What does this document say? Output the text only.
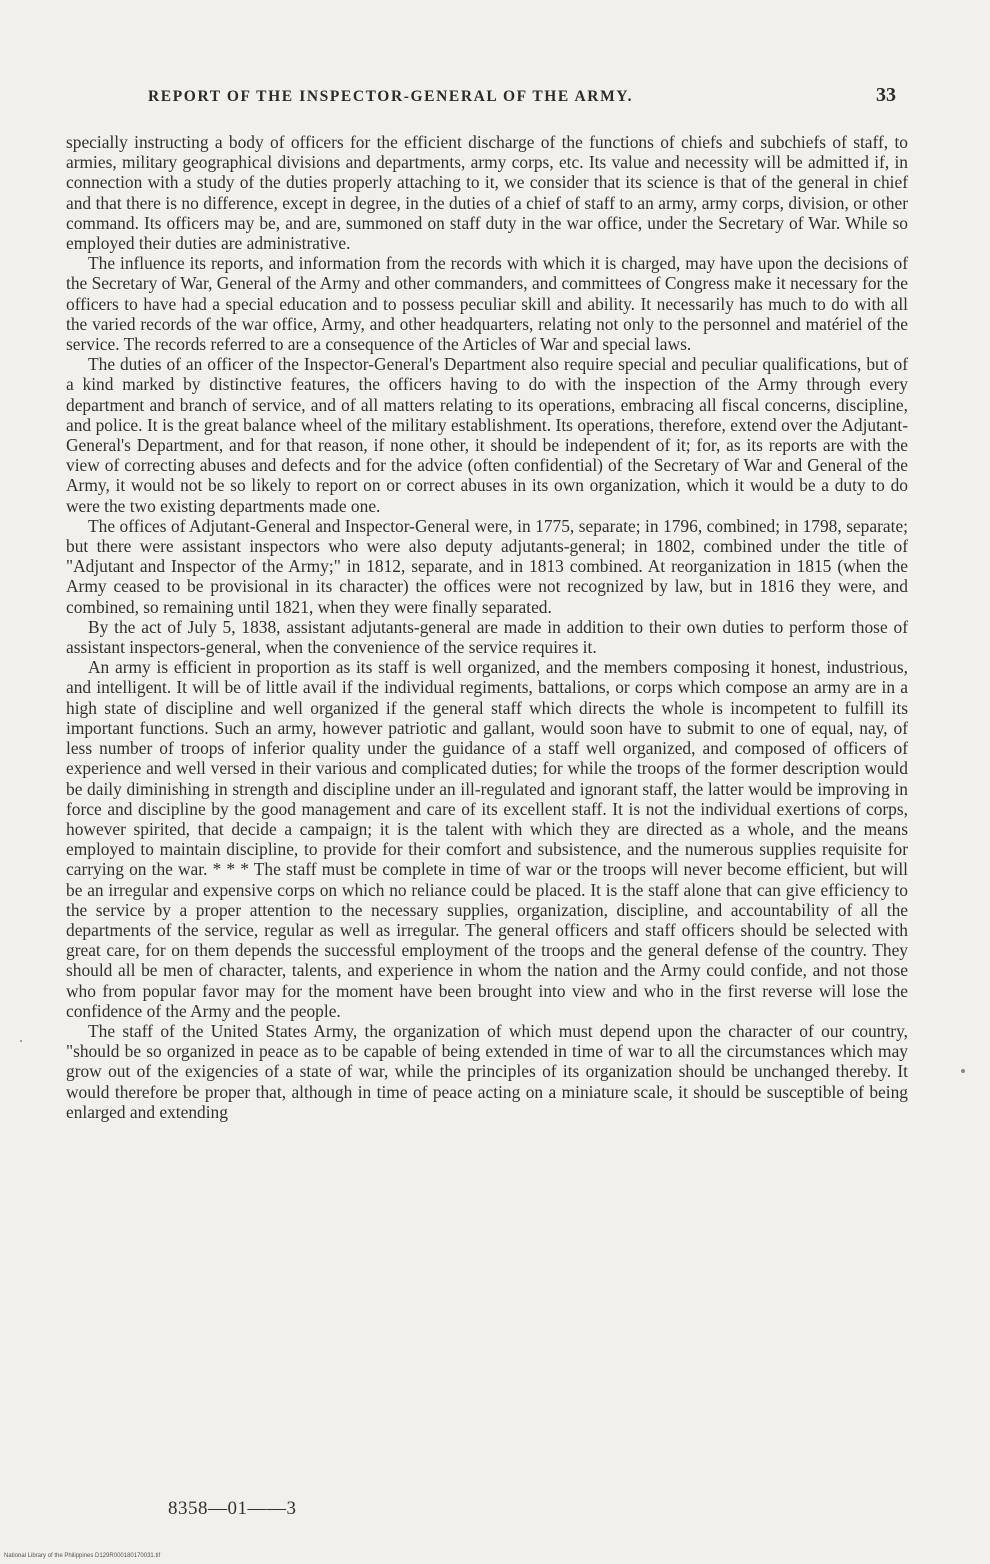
REPORT OF THE INSPECTOR-GENERAL OF THE ARMY.	33

specially instructing a body of officers for the efficient discharge of the functions of chiefs and subchiefs of staff, to armies, military geographical divisions and departments, army corps, etc. Its value and necessity will be admitted if, in connection with a study of the duties properly attaching to it, we consider that its science is that of the general in chief and that there is no difference, except in degree, in the duties of a chief of staff to an army, army corps, division, or other command. Its officers may be, and are, summoned on staff duty in the war office, under the Secretary of War. While so employed their duties are administrative.

The influence its reports, and information from the records with which it is charged, may have upon the decisions of the Secretary of War, General of the Army and other commanders, and committees of Congress make it necessary for the officers to have had a special education and to possess peculiar skill and ability. It necessarily has much to do with all the varied records of the war office, Army, and other headquarters, relating not only to the personnel and matériel of the service. The records referred to are a consequence of the Articles of War and special laws.

The duties of an officer of the Inspector-General's Department also require special and peculiar qualifications, but of a kind marked by distinctive features, the officers having to do with the inspection of the Army through every department and branch of service, and of all matters relating to its operations, embracing all fiscal concerns, discipline, and police. It is the great balance wheel of the military establishment. Its operations, therefore, extend over the Adjutant-General's Department, and for that reason, if none other, it should be independent of it; for, as its reports are with the view of correcting abuses and defects and for the advice (often confidential) of the Secretary of War and General of the Army, it would not be so likely to report on or correct abuses in its own organization, which it would be a duty to do were the two existing departments made one.

The offices of Adjutant-General and Inspector-General were, in 1775, separate; in 1796, combined; in 1798, separate; but there were assistant inspectors who were also deputy adjutants-general; in 1802, combined under the title of "Adjutant and Inspector of the Army;" in 1812, separate, and in 1813 combined. At reorganization in 1815 (when the Army ceased to be provisional in its character) the offices were not recognized by law, but in 1816 they were, and combined, so remaining until 1821, when they were finally separated.

By the act of July 5, 1838, assistant adjutants-general are made in addition to their own duties to perform those of assistant inspectors-general, when the convenience of the service requires it.

An army is efficient in proportion as its staff is well organized, and the members composing it honest, industrious, and intelligent. It will be of little avail if the individual regiments, battalions, or corps which compose an army are in a high state of discipline and well organized if the general staff which directs the whole is incompetent to fulfill its important functions. Such an army, however patriotic and gallant, would soon have to submit to one of equal, nay, of less number of troops of inferior quality under the guidance of a staff well organized, and composed of officers of experience and well versed in their various and complicated duties; for while the troops of the former description would be daily diminishing in strength and discipline under an ill-regulated and ignorant staff, the latter would be improving in force and discipline by the good management and care of its excellent staff. It is not the individual exertions of corps, however spirited, that decide a campaign; it is the talent with which they are directed as a whole, and the means employed to maintain discipline, to provide for their comfort and subsistence, and the numerous supplies requisite for carrying on the war. * * * The staff must be complete in time of war or the troops will never become efficient, but will be an irregular and expensive corps on which no reliance could be placed. It is the staff alone that can give efficiency to the service by a proper attention to the necessary supplies, organization, discipline, and accountability of all the departments of the service, regular as well as irregular. The general officers and staff officers should be selected with great care, for on them depends the successful employment of the troops and the general defense of the country. They should all be men of character, talents, and experience in whom the nation and the Army could confide, and not those who from popular favor may for the moment have been brought into view and who in the first reverse will lose the confidence of the Army and the people.

The staff of the United States Army, the organization of which must depend upon the character of our country, "should be so organized in peace as to be capable of being extended in time of war to all the circumstances which may grow out of the exigencies of a state of war, while the principles of its organization should be unchanged thereby. It would therefore be proper that, although in time of peace acting on a miniature scale, it should be susceptible of being enlarged and extending

8358—01——3
National Library of the Philippines D129R000180170031.tif
